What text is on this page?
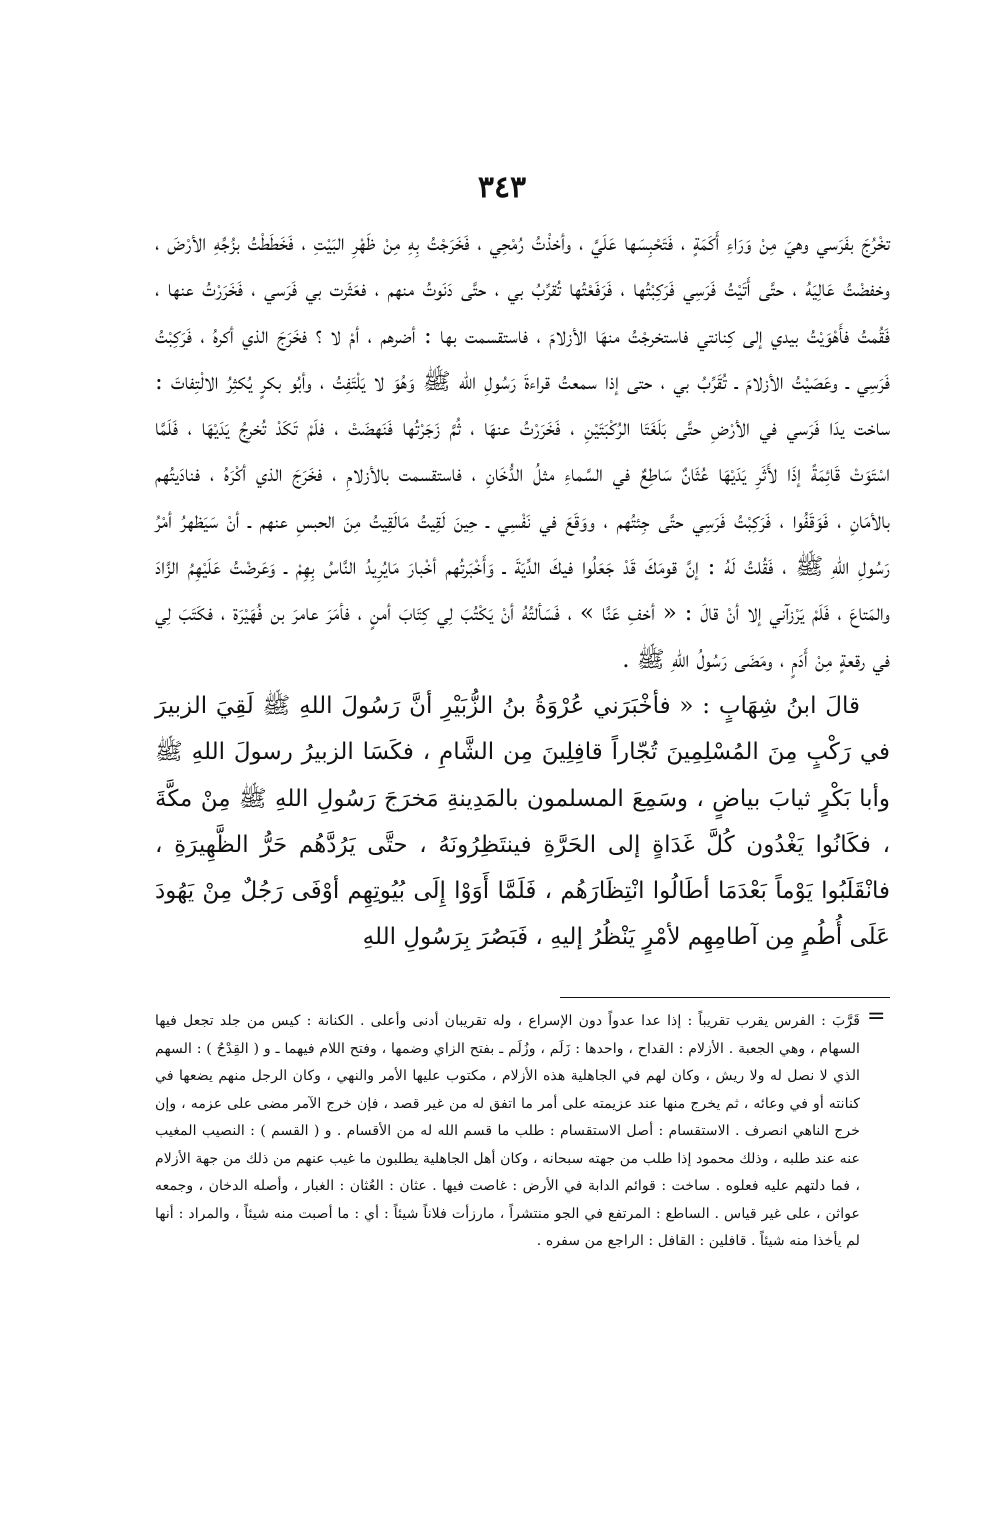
٣٤٣

تخْرُجَ بفَرَسي وهيَ مِنْ وَرَاءِ أَكَمَةٍ ، فَتَحْبِسَها عَلَيَّ ، وأخذْتُ رُمْحِي ، فَخَرَجْتُ بِهِ مِنْ ظَهْرِ البَيْتِ ، فَخَطَطْتُ بزُجِّهِ الأرْضَ ، وخفضْتُ عَالِيَهُ ، حتَّى أَتَيْتُ فَرَسِي فَرَكِبْتُها ، فَرَفَعْتُها تُقرِّبُ بي ، حتَّى دَنَوتُ منهم ، فعَثَرت بي فَرَسي ، فَخَرَرْتُ عنها ، فَقُمتُ فأَهْوَيْتُ بيدي إلى كِنانتي فاستخرجْتُ منهَا الأزلامَ ، فاستقسمت بها : أضرهم ، أمْ لا ؟ فخَرَجَ الذي أكرهُ ، فَرَكِبْتُ فَرَسِي ـ وعَصَيْتُ الأزلامَ ـ تُقَرِّبُ بي ، حتى إذا سمعتُ قراءةَ رَسُولِ الله ﷺ وَهُوَ لا يَلْتَفِتُ ، وأبُو بكرٍ يُكثِرُ الالْتِفاتَ : ساخت يدَا فَرَسي في الأرْضِ حتَّى بَلَغَتَا الرُكْبَتَيْنِ ، فَخَرَرْتُ عنهَا ، ثُمَّ زَجَرْتُها فَنَهضَتْ ، فلَمْ تَكَدْ تُخرِجُ يَدَيْهَا ، فَلَمَّا اسْتَوَتْ قَائِمَةً إذَا لأَثَرِ يَدَيْهَا عُثَانٌ سَاطِعٌ في السَّماءِ مثلُ الدُّخَانِ ، فاستقسمت بالأزلامِ ، فخَرَجَ الذي أكْرَهُ ، فنادَيتُهم بالأمَانِ ، فَوَقَفُوا ، فَرَكِبْتُ فَرَسِي حتَّى جِئتُهم ، ووَقَعَ في نَفْسِي ـ حِينَ لَقِيتُ مَالَقِيتُ مِنَ الحبسِ عنهم ـ أنْ سَيَظهرُ أمْرُ رَسُولِ اللهِ ﷺ ، فَقُلتُ لَهُ : إنَّ قومَكَ قَدْ جَعَلُوا فيكَ الدِّيَةَ ـ وَأَخْبَرتُهم أخْبارَ مَايُرِيدُ النَّاسُ بِهِمْ ـ وَعَرضْتُ عَلَيْهِمُ الزَّادَ والمَتاعَ ، فَلَمْ يَرْزآني إلا أنْ قالَ : « أخفِ عَنَّا » ، فَسَألتُهُ أنْ يَكْتُبَ لِي كِتَابَ أمنٍ ، فأمَرَ عامرَ بن فُهَيْرَة ، فكَتَبَ لِي في رقعةٍ مِنْ أَدَمٍ ، ومَضَى رَسُولُ اللهِ ﷺ .

قالَ ابنُ شِهَابٍ : « فأخْبَرَني عُرْوَةُ بنُ الزُّبَيْرِ أنَّ رَسُولَ اللهِ ﷺ لَقِيَ الزبيرَ في رَكْبٍ مِنَ المُسْلِمِينَ تُجّاراً قافِلِينَ مِن الشَّامِ ، فكَسَا الزبيرُ رسولَ اللهِ ﷺ وأبا بَكْرٍ ثيابَ بياضٍ ، وسَمِعَ المسلمون بالمَدِينةِ مَخرَجَ رَسُولِ اللهِ ﷺ مِنْ مكَّةَ ، فكَانُوا يَغْدُون كُلَّ غَدَاةٍ إلى الحَرَّةِ فينتَظِرُونَهُ ، حتَّى يَرُدَّهُم حَرُّ الظَّهِيرَةِ ، فانْقَلَبُوا يَوْماً بَعْدَمَا أطَالُوا انْتِظَارَهُم ، فَلَمَّا أَوَوْا إِلَى بُيُوتِهِم أوْفَى رَجُلٌ مِنْ يَهُودَ عَلَى أُطُمٍ مِن آطامِهِم لأمْرٍ يَنْظُرُ إليهِ ، فَبَصُرَ بِرَسُولِ اللهِ

=

قَرَّبَ : الفرس يقرب تقريباً : إذا عدا عدواً دون الإسراع ، وله تقريبان أدنى وأعلى . الكنانة : كيس من جلد تجعل فيها السهام ، وهي الجعبة . الأزلام : القداح ، واحدها : زَلَم ، وزُلَم ـ بفتح الزاي وضمها ، وفتح اللام فيهما ـ و ( القِدْحُ ) : السهم الذي لا نصل له ولا ريش ، وكان لهم في الجاهلية هذه الأزلام ، مكتوب عليها الأمر والنهي ، وكان الرجل منهم يضعها في كنانته أو في وعائه ، ثم يخرج منها عند عزيمته على أمر ما اتفق له من غير قصد ، فإن خرج الآمر مضى على عزمه ، وإن خرج الناهي انصرف . الاستقسام : أصل الاستقسام : طلب ما قسم الله له من الأقسام . و ( القسم ) : النصيب المغيب عنه عند طلبه ، وذلك محمود إذا طلب من جهته سبحانه ، وكان أهل الجاهلية يطلبون ما غيب عنهم من ذلك من جهة الأزلام ، فما دلتهم عليه فعلوه . ساخت : قوائم الدابة في الأرض : غاصت فيها . عثان : العُثان : الغبار ، وأصله الدخان ، وجمعه عواثن ، على غير قياس . الساطع : المرتفع في الجو منتشراً ، مارزأت فلاناً شيئاً : أي : ما أصبت منه شيئاً ، والمراد : أنها لم يأخذا منه شيئاً . قافلين : القافل : الراجع من سفره .
